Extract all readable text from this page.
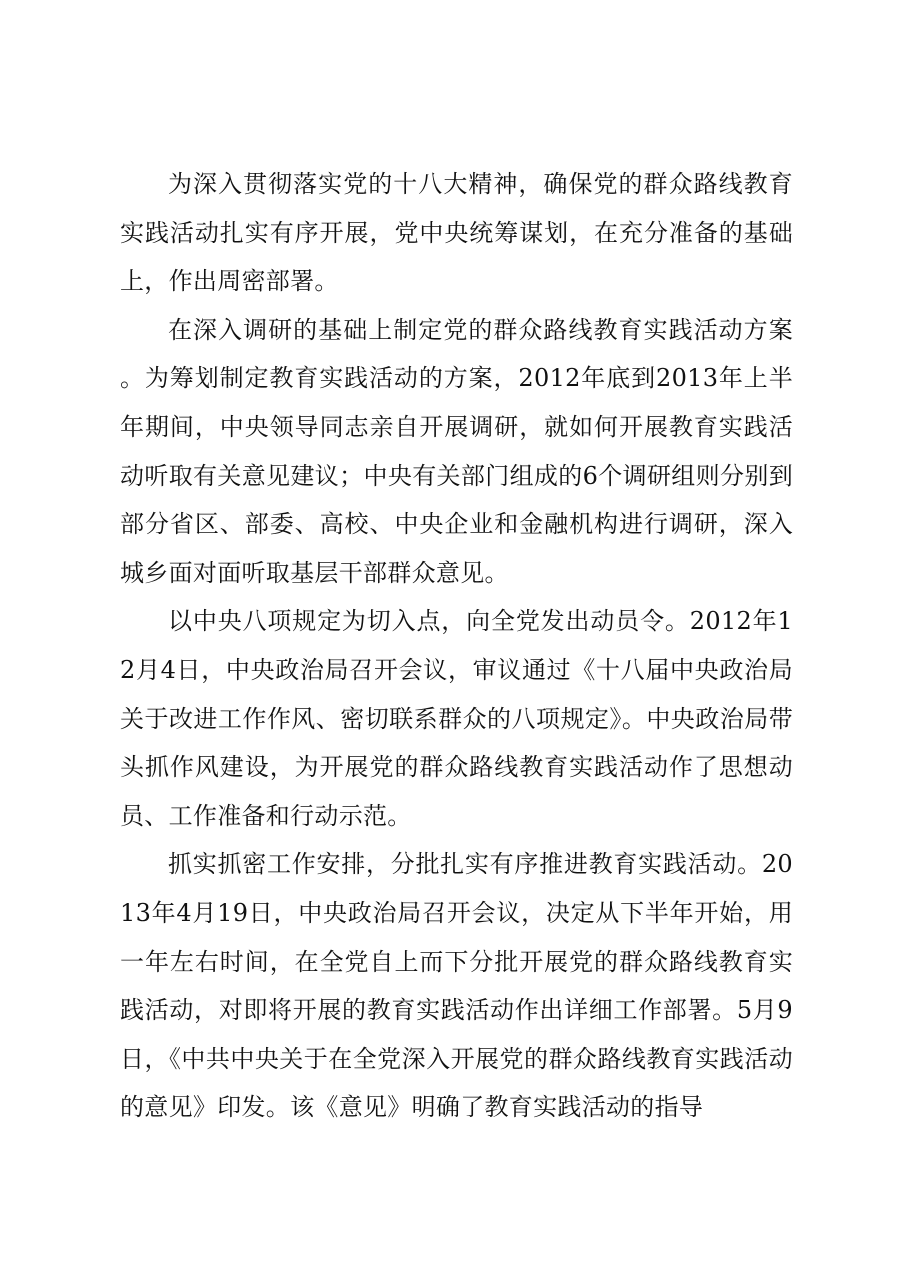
为深入贯彻落实党的十八大精神，确保党的群众路线教育实践活动扎实有序开展，党中央统筹谋划，在充分准备的基础上，作出周密部署。

在深入调研的基础上制定党的群众路线教育实践活动方案。为筹划制定教育实践活动的方案，2012年底到2013年上半年期间，中央领导同志亲自开展调研，就如何开展教育实践活动听取有关意见建议；中央有关部门组成的6个调研组则分别到部分省区、部委、高校、中央企业和金融机构进行调研，深入城乡面对面听取基层干部群众意见。

以中央八项规定为切入点，向全党发出动员令。2012年12月4日，中央政治局召开会议，审议通过《十八届中央政治局关于改进工作作风、密切联系群众的八项规定》。中央政治局带头抓作风建设，为开展党的群众路线教育实践活动作了思想动员、工作准备和行动示范。

抓实抓密工作安排，分批扎实有序推进教育实践活动。2013年4月19日，中央政治局召开会议，决定从下半年开始，用一年左右时间，在全党自上而下分批开展党的群众路线教育实践活动，对即将开展的教育实践活动作出详细工作部署。5月9日，《中共中央关于在全党深入开展党的群众路线教育实践活动的意见》印发。该《意见》明确了教育实践活动的指导
